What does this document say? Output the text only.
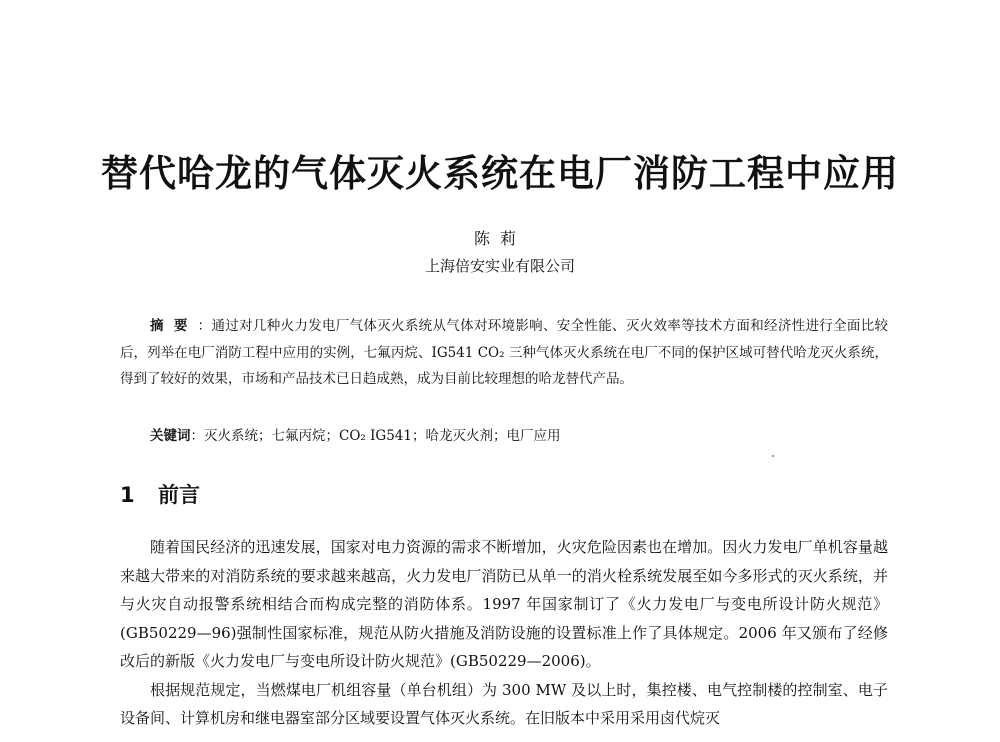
替代哈龙的气体灭火系统在电厂消防工程中应用
陈莉
上海倍安实业有限公司

摘要：通过对几种火力发电厂气体灭火系统从气体对环境影响、安全性能、灭火效率等技术方面和经济性进行全面比较后，列举在电厂消防工程中应用的实例，七氟丙烷、IG541 CO₂ 三种气体灭火系统在电厂不同的保护区域可替代哈龙灭火系统，得到了较好的效果，市场和产品技术已日趋成熟，成为目前比较理想的哈龙替代产品。

关键词：灭火系统；七氟丙烷；CO₂ IG541；哈龙灭火剂；电厂应用
1 前言

随着国民经济的迅速发展，国家对电力资源的需求不断增加，火灾危险因素也在增加。因火力发电厂单机容量越来越大带来的对消防系统的要求越来越高，火力发电厂消防已从单一的消火栓系统发展至如今多形式的灭火系统，并与火灾自动报警系统相结合而构成完整的消防体系。1997 年国家制订了《火力发电厂与变电所设计防火规范》(GB50229—96)强制性国家标准，规范从防火措施及消防设施的设置标准上作了具体规定。2006 年又颁布了经修改后的新版《火力发电厂与变电所设计防火规范》(GB50229—2006)。

根据规范规定，当燃煤电厂机组容量（单台机组）为 300 MW 及以上时，集控楼、电气控制楼的控制室、电子设备间、计算机房和继电器室部分区域要设置气体灭火系统。在旧版本中采用采用卤代烷灭
